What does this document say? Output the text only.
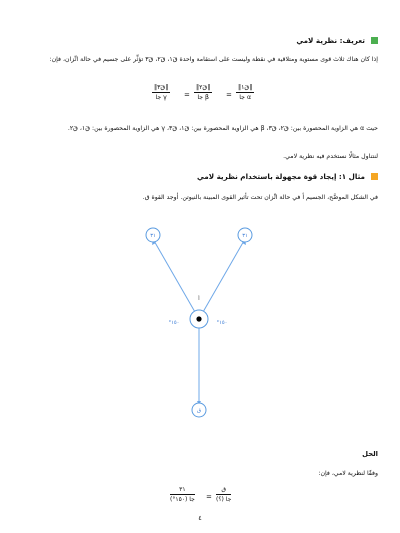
تعريف: نظرية لامي
إذا كان هناك ثلاث قوى مستوية ومتلاقية في نقطة وليست على استقامة واحدة قَ١، قَ٢، قَ٣ تؤثِّر على جسيم في حالة اتِّزان، فإن:
‖قَ٣‖
جا γ	=
‖قَ٢‖
جا β	=
‖قَ١‖
جا α
حيث α هي الزاوية المحصورة بين: قَ٢، قَ٣، β هي الزاوية المحصورة بين: قَ١، قَ٣، γ هي الزاوية المحصورة بين: قَ١، قَ٢.
لنتناول مثالًا نستخدم فيه نظرية لامي.
مثال ١: إيجاد قوة مجهولة باستخدام نظرية لامي
في الشكل الموضَّح، الجسيم أ في حالة اتِّزان تحت تأثير القوى المبينة بالنيوتن. أوجد القوة ق.
٣١	٣١
ق
أ
°١٥٠	°١٥٠
الحل
وفقًا لنظرية لامي، فإن:
٣١
جا (١٥٠°) =
ق
جا (؟)
٤
